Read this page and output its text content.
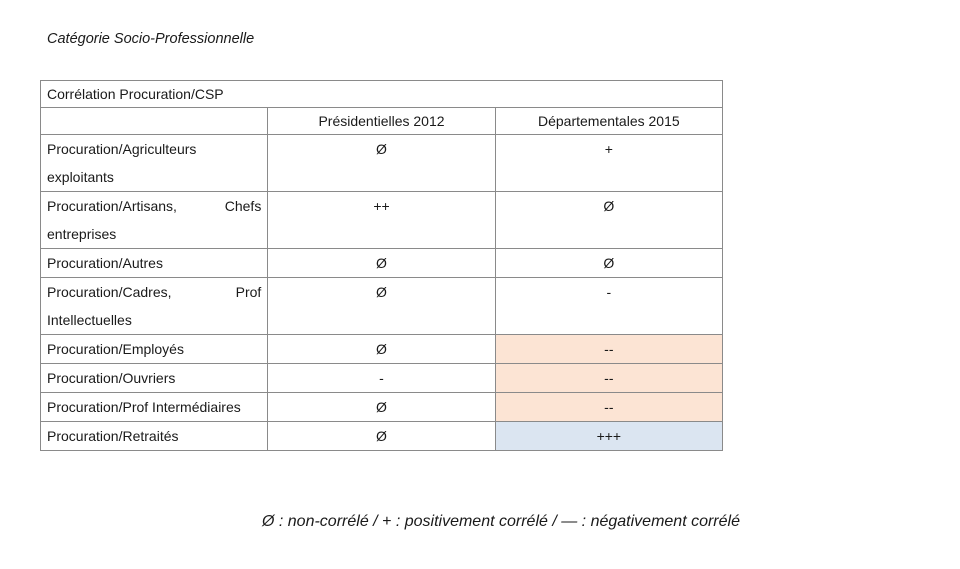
Catégorie Socio-Professionnelle
Corrélation Procuration/CSP		
	Présidentielles 2012	Départementales 2015

Procuration/Agriculteurs
exploitants	Ø	+

Procuration/Artisans, Chefs
entreprises	++	Ø

Procuration/Autres	Ø	Ø

Procuration/Cadres, Prof
Intellectuelles	Ø	-

Procuration/Employés	Ø	--

Procuration/Ouvriers	-	--

Procuration/Prof Intermédiaires	Ø	--

Procuration/Retraités	Ø	+++
Ø : non-corrélé / + : positivement corrélé / — : négativement corrélé
